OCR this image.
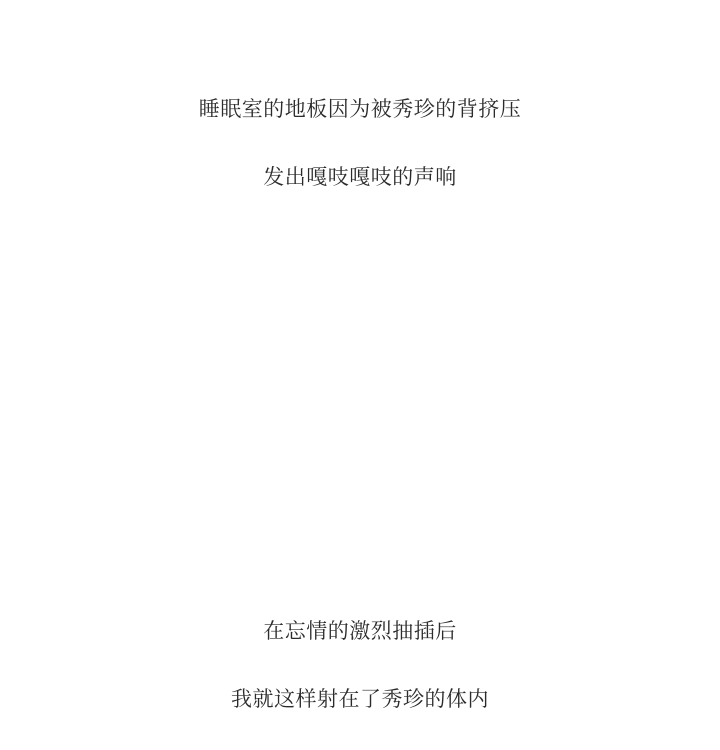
睡眠室的地板因为被秀珍的背挤压

发出嘎吱嘎吱的声响

在忘情的激烈抽插后

我就这样射在了秀珍的体内
